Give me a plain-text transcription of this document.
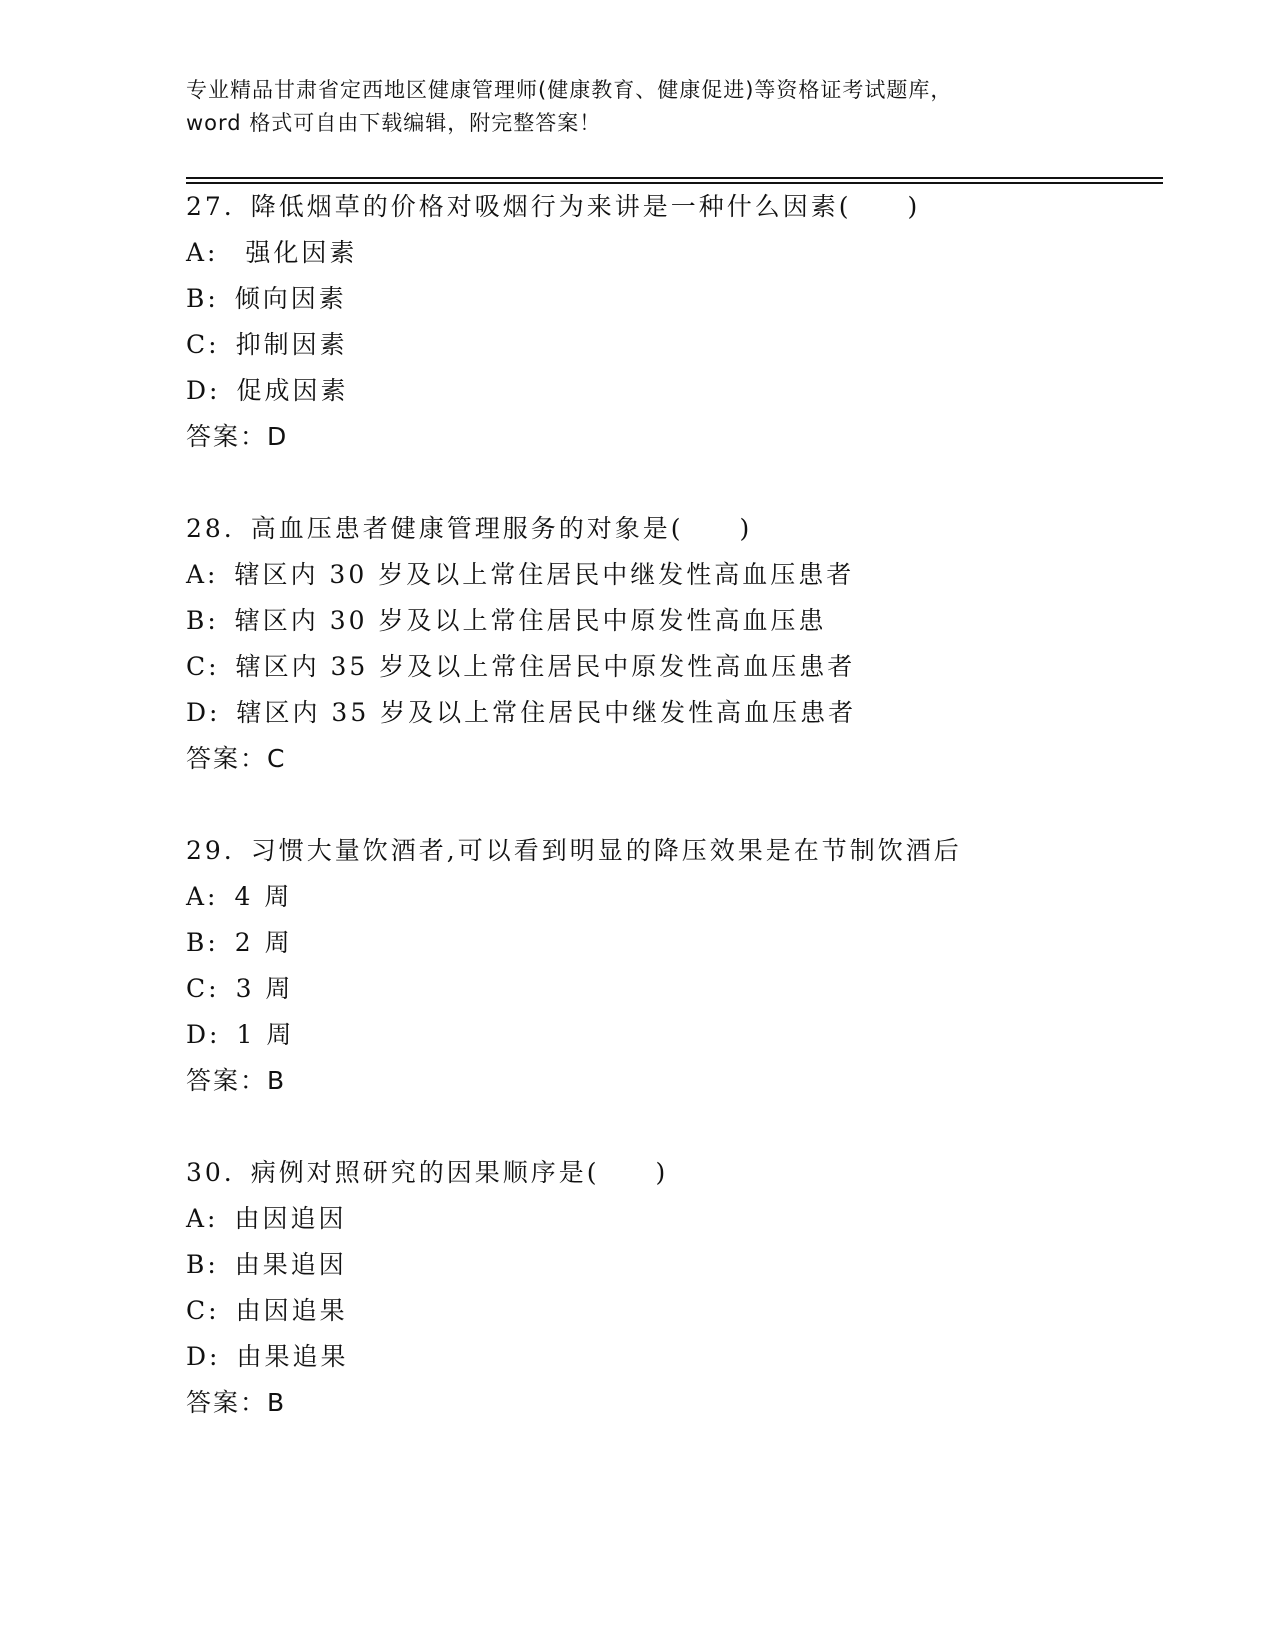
专业精品甘肃省定西地区健康管理师(健康教育、健康促进)等资格证考试题库，
word 格式可自由下载编辑，附完整答案！
27. 降低烟草的价格对吸烟行为来讲是一种什么因素(　　)
A: 强化因素
B: 倾向因素
C: 抑制因素
D: 促成因素
答案：D
28. 高血压患者健康管理服务的对象是(　　)
A: 辖区内 30 岁及以上常住居民中继发性高血压患者
B: 辖区内 30 岁及以上常住居民中原发性高血压患
C: 辖区内 35 岁及以上常住居民中原发性高血压患者
D: 辖区内 35 岁及以上常住居民中继发性高血压患者
答案：C
29. 习惯大量饮酒者,可以看到明显的降压效果是在节制饮酒后
A: 4 周
B: 2 周
C: 3 周
D: 1 周
答案：B
30. 病例对照研究的因果顺序是(　　)
A: 由因追因
B: 由果追因
C: 由因追果
D: 由果追果
答案：B
